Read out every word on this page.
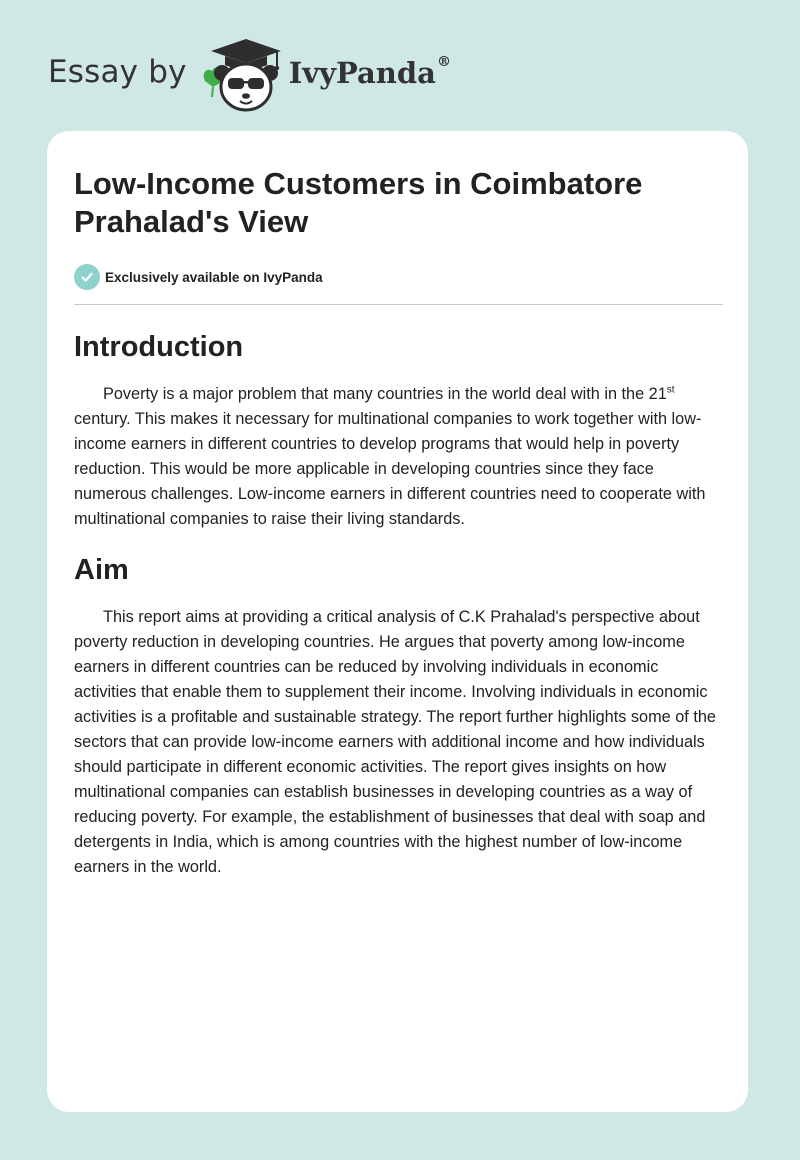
Essay by	IvyPanda®
Low-Income Customers in Coimbatore
Prahalad's View
Exclusively available on IvyPanda
Introduction

Poverty is a major problem that many countries in the world deal with in the 21st century. This makes it necessary for multinational companies to work together with low-income earners in different countries to develop programs that would help in poverty reduction. This would be more applicable in developing countries since they face numerous challenges. Low-income earners in different countries need to cooperate with multinational companies to raise their living standards.

Aim

This report aims at providing a critical analysis of C.K Prahalad's perspective about poverty reduction in developing countries. He argues that poverty among low-income earners in different countries can be reduced by involving individuals in economic activities that enable them to supplement their income. Involving individuals in economic activities is a profitable and sustainable strategy. The report further highlights some of the sectors that can provide low-income earners with additional income and how individuals should participate in different economic activities. The report gives insights on how multinational companies can establish businesses in developing countries as a way of reducing poverty. For example, the establishment of businesses that deal with soap and detergents in India, which is among countries with the highest number of low-income earners in the world.
